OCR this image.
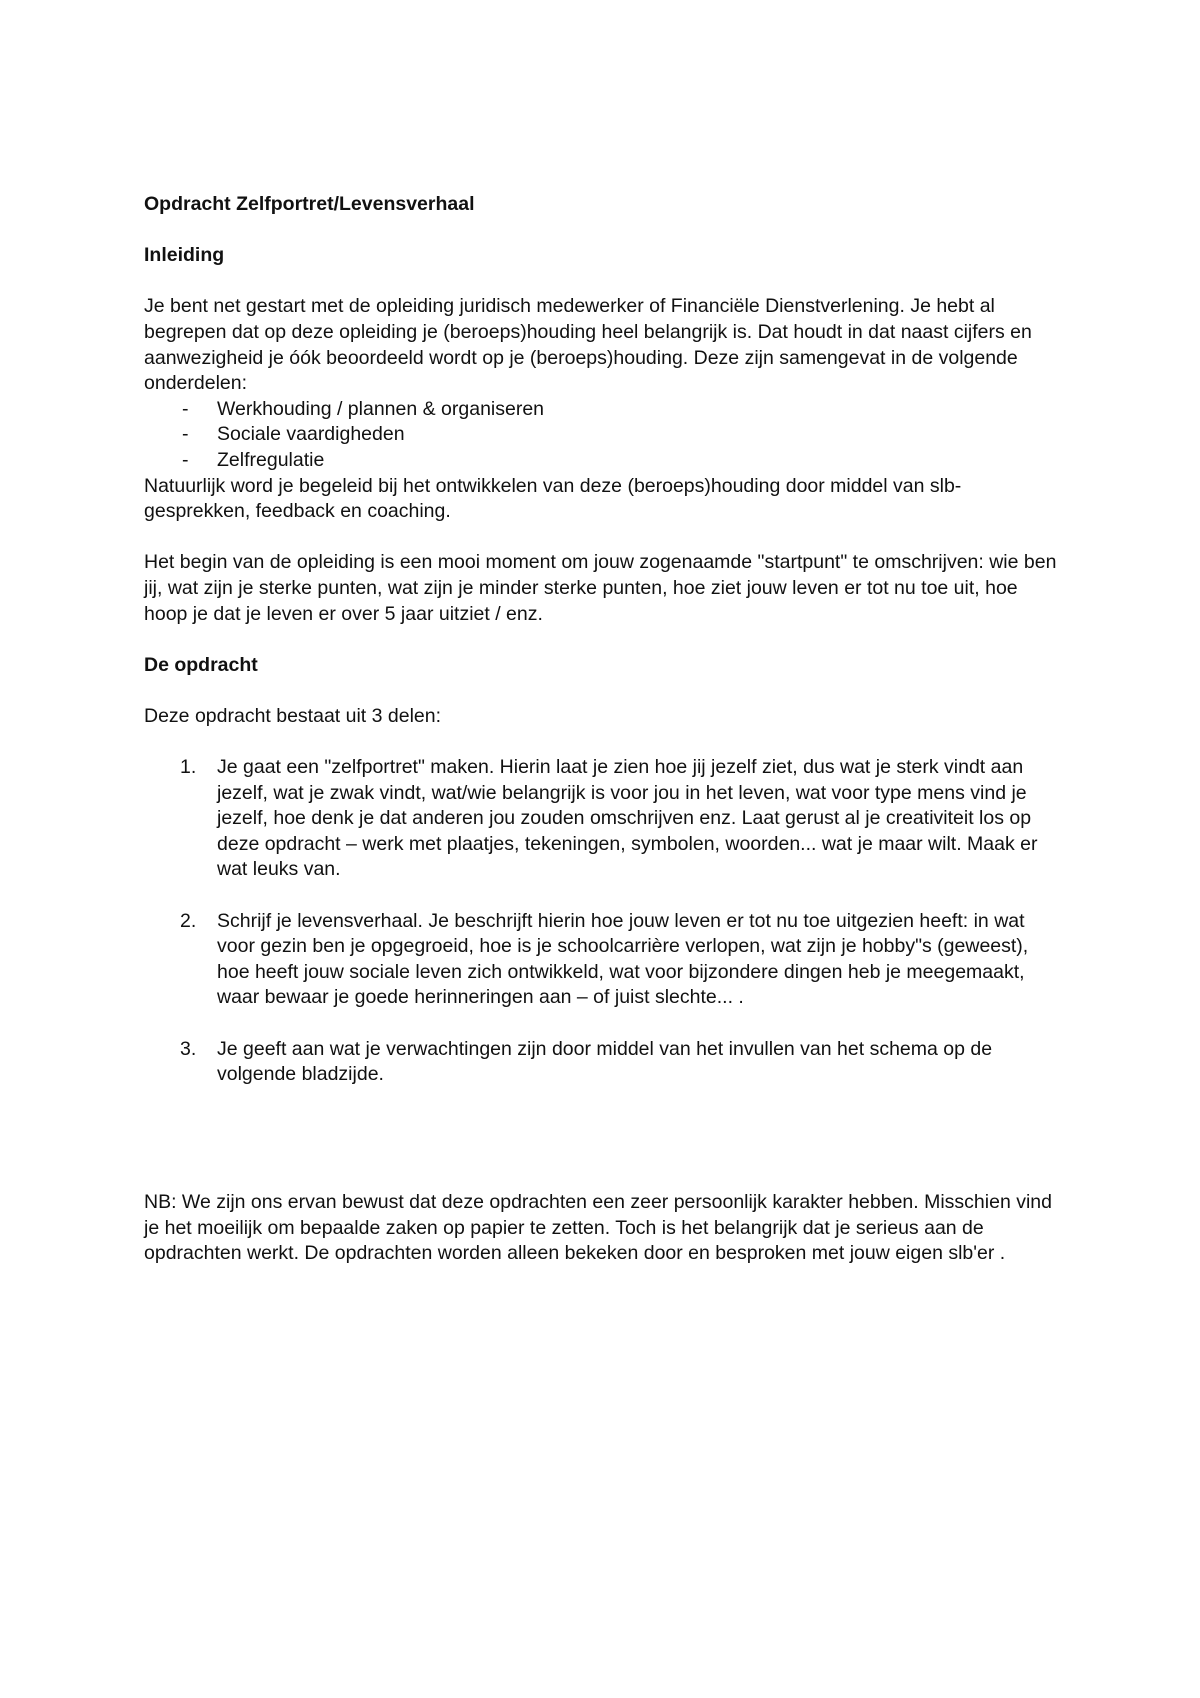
Opdracht Zelfportret/Levensverhaal
Inleiding

Je bent net gestart met de opleiding juridisch medewerker of Financiële Dienstverlening. Je hebt al begrepen dat op deze opleiding je (beroeps)houding heel belangrijk is. Dat houdt in dat naast cijfers en aanwezigheid je óók beoordeeld wordt op je (beroeps)houding. Deze zijn samengevat in de volgende onderdelen:

- Werkhouding / plannen & organiseren
- Sociale vaardigheden
- Zelfregulatie

Natuurlijk word je begeleid bij het ontwikkelen van deze (beroeps)houding door middel van slb-gesprekken, feedback en coaching.

Het begin van de opleiding is een mooi moment om jouw zogenaamde "startpunt" te omschrijven: wie ben jij, wat zijn je sterke punten, wat zijn je minder sterke punten, hoe ziet jouw leven er tot nu toe uit, hoe hoop je dat je leven er over 5 jaar uitziet / enz.

De opdracht

Deze opdracht bestaat uit 3 delen:

1. Je gaat een "zelfportret" maken. Hierin laat je zien hoe jij jezelf ziet, dus wat je sterk vindt aan jezelf, wat je zwak vindt, wat/wie belangrijk is voor jou in het leven, wat voor type mens vind je jezelf, hoe denk je dat anderen jou zouden omschrijven enz. Laat gerust al je creativiteit los op deze opdracht – werk met plaatjes, tekeningen, symbolen, woorden... wat je maar wilt. Maak er wat leuks van.
2. Schrijf je levensverhaal. Je beschrijft hierin hoe jouw leven er tot nu toe uitgezien heeft: in wat voor gezin ben je opgegroeid, hoe is je schoolcarrière verlopen, wat zijn je hobby"s (geweest), hoe heeft jouw sociale leven zich ontwikkeld, wat voor bijzondere dingen heb je meegemaakt, waar bewaar je goede herinneringen aan – of juist slechte... .
3. Je geeft aan wat je verwachtingen zijn door middel van het invullen van het schema op de volgende bladzijde.

NB: We zijn ons ervan bewust dat deze opdrachten een zeer persoonlijk karakter hebben. Misschien vind je het moeilijk om bepaalde zaken op papier te zetten. Toch is het belangrijk dat je serieus aan de opdrachten werkt. De opdrachten worden alleen bekeken door en besproken met jouw eigen slb'er .
